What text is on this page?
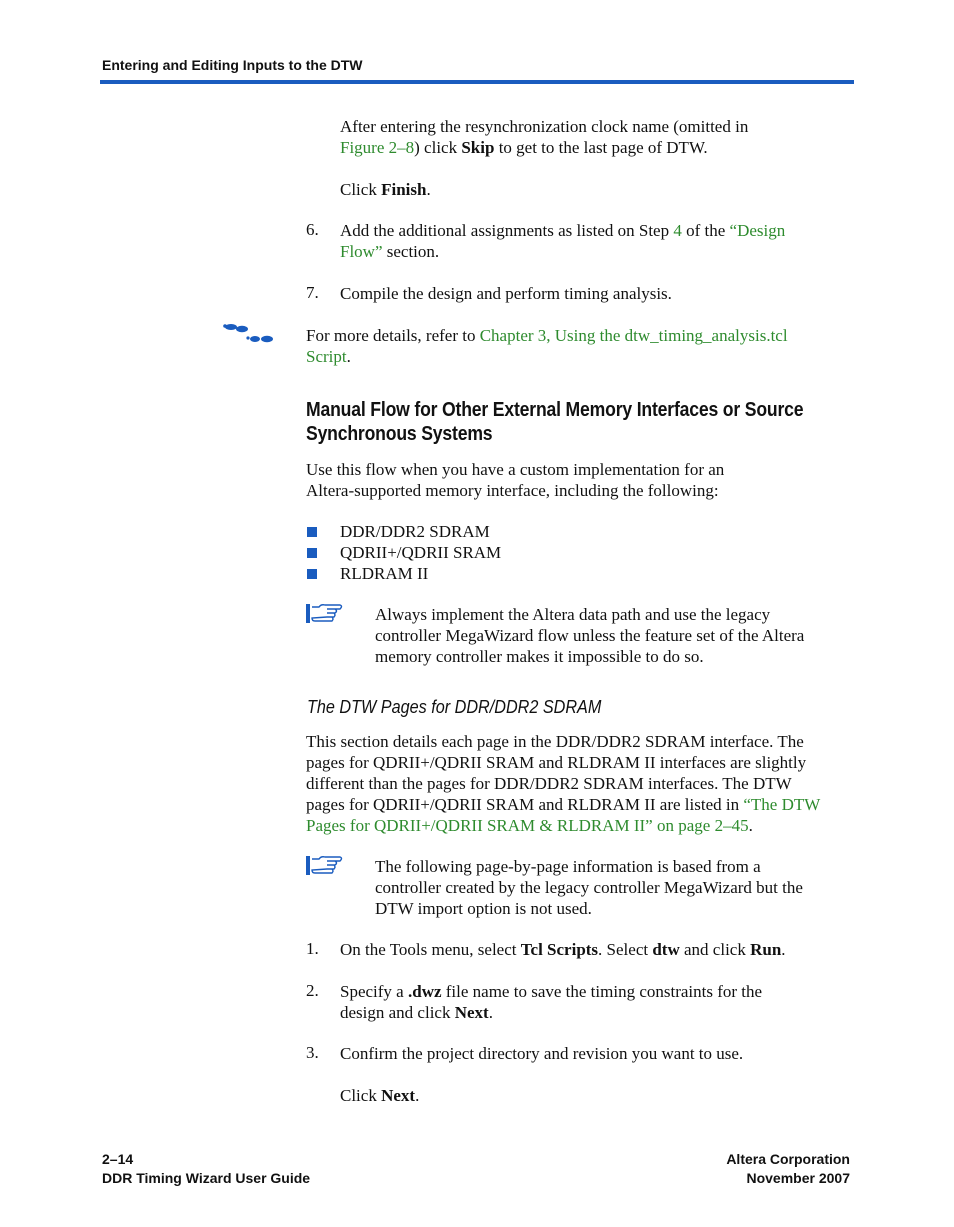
Entering and Editing Inputs to the DTW
After entering the resynchronization clock name (omitted in
Figure 2–8) click Skip to get to the last page of DTW.
Click Finish.
6. Add the additional assignments as listed on Step 4 of the “Design
Flow” section.
7. Compile the design and perform timing analysis.
For more details, refer to Chapter 3, Using the dtw_timing_analysis.tcl
Script.
Manual Flow for Other External Memory Interfaces or Source
Synchronous Systems
Use this flow when you have a custom implementation for an
Altera-supported memory interface, including the following:
DDR/DDR2 SDRAM
QDRII+/QDRII SRAM
RLDRAM II
Always implement the Altera data path and use the legacy
controller MegaWizard flow unless the feature set of the Altera
memory controller makes it impossible to do so.
The DTW Pages for DDR/DDR2 SDRAM
This section details each page in the DDR/DDR2 SDRAM interface. The
pages for QDRII+/QDRII SRAM and RLDRAM II interfaces are slightly
different than the pages for DDR/DDR2 SDRAM interfaces. The DTW
pages for QDRII+/QDRII SRAM and RLDRAM II are listed in “The DTW
Pages for QDRII+/QDRII SRAM & RLDRAM II” on page 2–45.
The following page-by-page information is based from a
controller created by the legacy controller MegaWizard but the
DTW import option is not used.
1. On the Tools menu, select Tcl Scripts. Select dtw and click Run.
2. Specify a .dwz file name to save the timing constraints for the
design and click Next.
3. Confirm the project directory and revision you want to use.
Click Next.
2–14
DDR Timing Wizard User Guide
Altera Corporation
November 2007
